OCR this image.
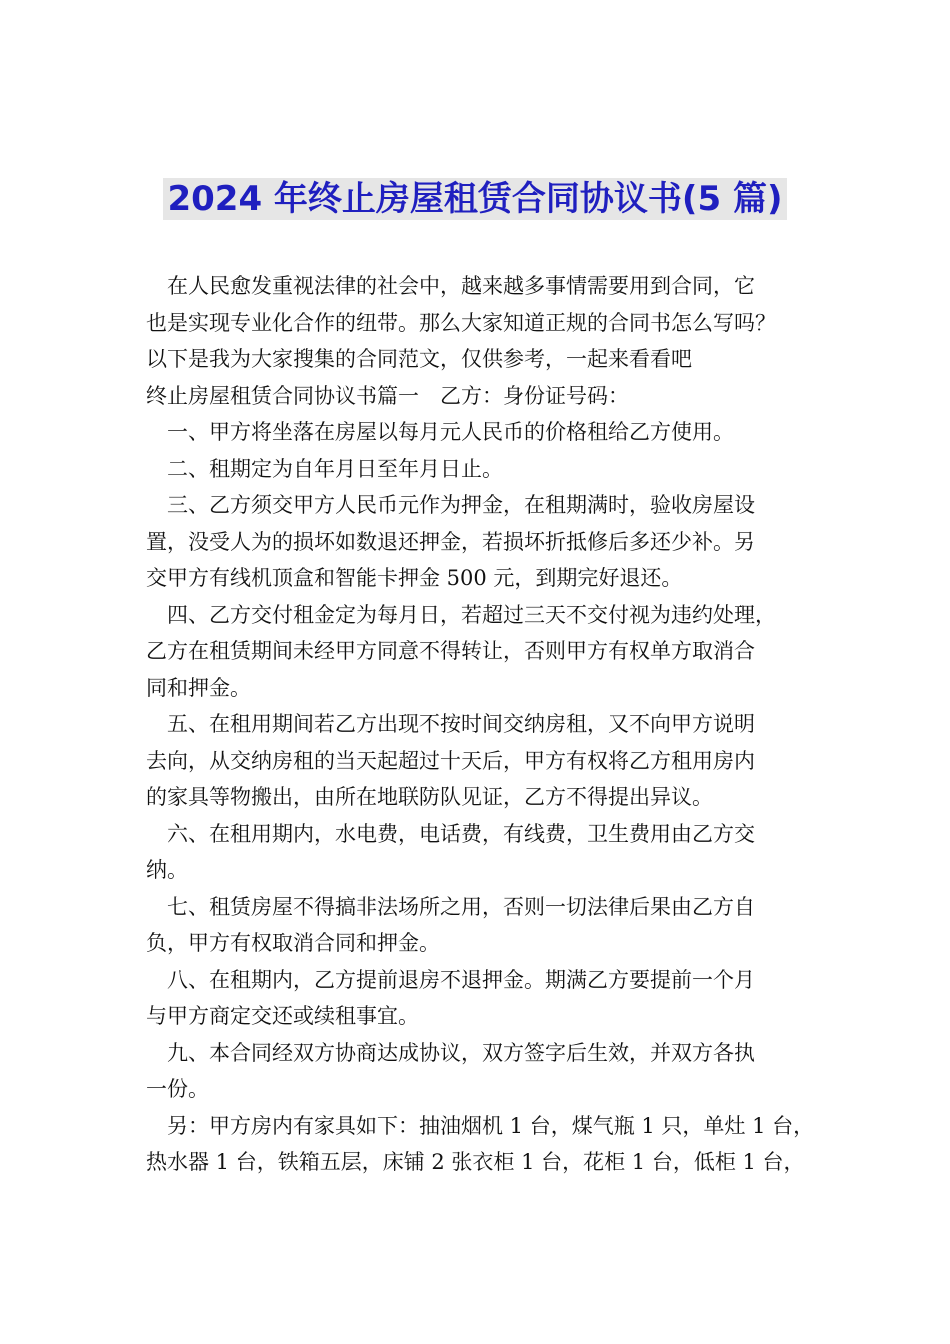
2024 年终止房屋租赁合同协议书(5 篇)
在人民愈发重视法律的社会中，越来越多事情需要用到合同，它
也是实现专业化合作的纽带。那么大家知道正规的合同书怎么写吗？
以下是我为大家搜集的合同范文，仅供参考，一起来看看吧
终止房屋租赁合同协议书篇一　乙方：身份证号码：
一、甲方将坐落在房屋以每月元人民币的价格租给乙方使用。
二、租期定为自年月日至年月日止。
三、乙方须交甲方人民币元作为押金，在租期满时，验收房屋设
置，没受人为的损坏如数退还押金，若损坏折抵修后多还少补。另
交甲方有线机顶盒和智能卡押金 500 元，到期完好退还。
四、乙方交付租金定为每月日，若超过三天不交付视为违约处理，
乙方在租赁期间未经甲方同意不得转让，否则甲方有权单方取消合
同和押金。
五、在租用期间若乙方出现不按时间交纳房租，又不向甲方说明
去向，从交纳房租的当天起超过十天后，甲方有权将乙方租用房内
的家具等物搬出，由所在地联防队见证，乙方不得提出异议。
六、在租用期内，水电费，电话费，有线费，卫生费用由乙方交
纳。
七、租赁房屋不得搞非法场所之用，否则一切法律后果由乙方自
负，甲方有权取消合同和押金。
八、在租期内，乙方提前退房不退押金。期满乙方要提前一个月
与甲方商定交还或续租事宜。
九、本合同经双方协商达成协议，双方签字后生效，并双方各执
一份。
另：甲方房内有家具如下：抽油烟机 1 台，煤气瓶 1 只，单灶 1 台，
热水器 1 台，铁箱五层，床铺 2 张衣柜 1 台，花柜 1 台，低柜 1 台，
